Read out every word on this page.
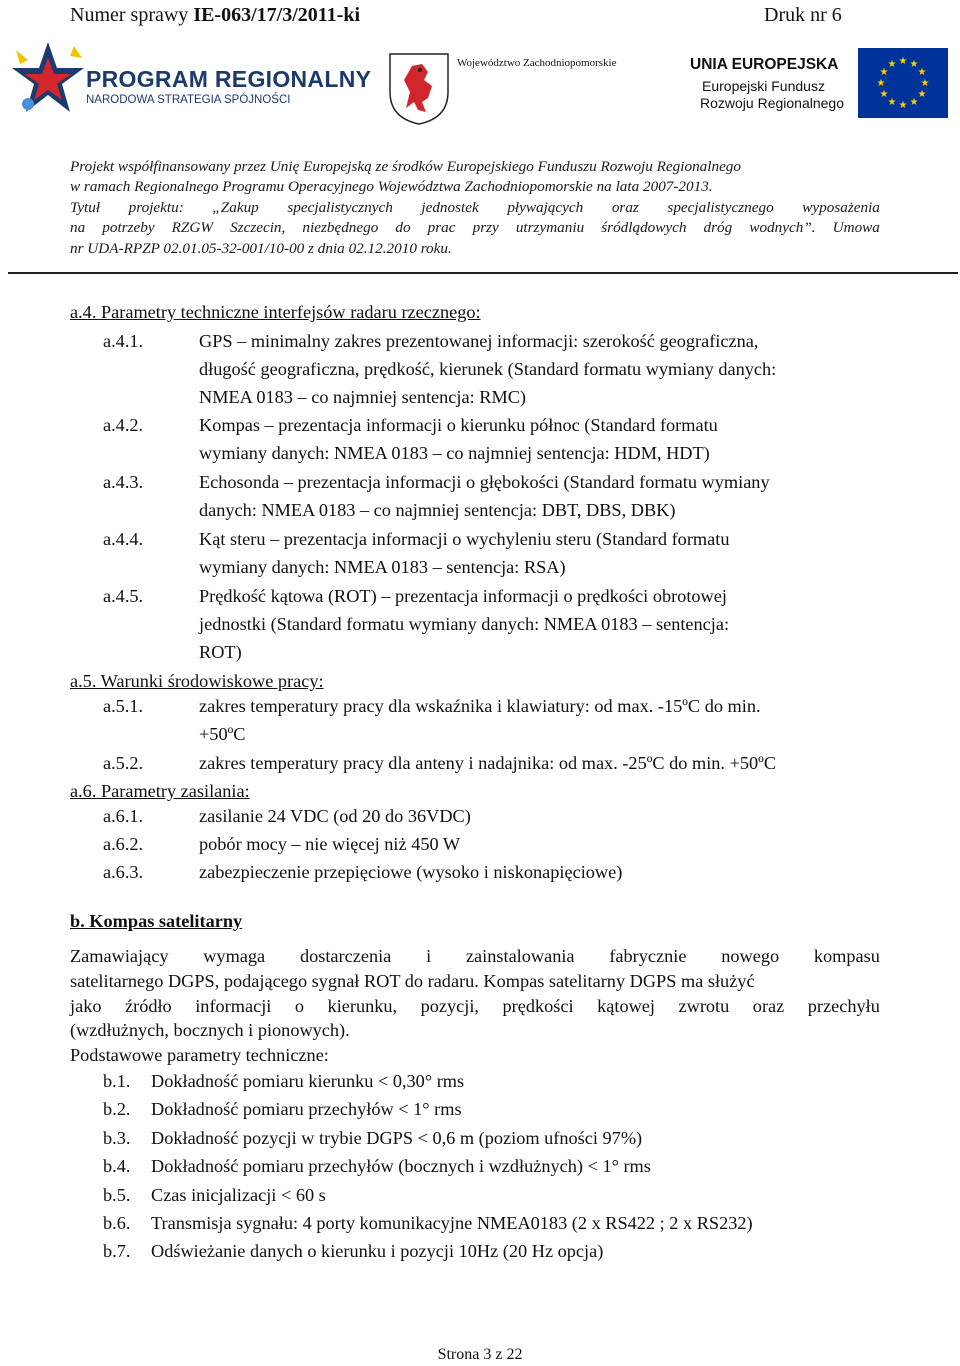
Numer sprawy IE-063/17/3/2011-ki	Druk nr 6
PROGRAM REGIONALNY
NARODOWA STRATEGIA SPÓJNOŚCI
Województwo Zachodniopomorskie	UNIA EUROPEJSKA
Europejski Fundusz
Rozwoju Regionalnego
★ ★
★
★
★
★
★
★
★
★
★
★
Projekt współfinansowany przez Unię Europejską ze środków Europejskiego Funduszu Rozwoju Regionalnego
w ramach Regionalnego Programu Operacyjnego Województwa Zachodniopomorskie na lata 2007-2013.
Tytuł projektu: „Zakup specjalistycznych jednostek pływających oraz specjalistycznego wyposażenia
na potrzeby RZGW Szczecin, niezbędnego do prac przy utrzymaniu śródlądowych dróg wodnych”. Umowa
nr UDA-RPZP 02.01.05-32-001/10-00 z dnia 02.12.2010 roku.
a.4. Parametry techniczne interfejsów radaru rzecznego:
a.4.1.	GPS – minimalny zakres prezentowanej informacji: szerokość geograficzna,
długość geograficzna, prędkość, kierunek (Standard formatu wymiany danych:
NMEA 0183 – co najmniej sentencja: RMC)
a.4.2.	Kompas – prezentacja informacji o kierunku północ (Standard formatu
wymiany danych: NMEA 0183 – co najmniej sentencja: HDM, HDT)
a.4.3.	Echosonda – prezentacja informacji o głębokości (Standard formatu wymiany
danych: NMEA 0183 – co najmniej sentencja: DBT, DBS, DBK)
a.4.4.	Kąt steru – prezentacja informacji o wychyleniu steru (Standard formatu
wymiany danych: NMEA 0183 – sentencja: RSA)
a.4.5.	Prędkość kątowa (ROT) – prezentacja informacji o prędkości obrotowej
jednostki (Standard formatu wymiany danych: NMEA 0183 – sentencja:
ROT)
a.5. Warunki środowiskowe pracy:
a.5.1.	zakres temperatury pracy dla wskaźnika i klawiatury: od max. -15ºC do min.
+50ºC
a.5.2.	zakres temperatury pracy dla anteny i nadajnika: od max. -25ºC do min. +50ºC
a.6. Parametry zasilania:
a.6.1.	zasilanie 24 VDC (od 20 do 36VDC)
a.6.2.	pobór mocy – nie więcej niż 450 W
a.6.3.	zabezpieczenie przepięciowe (wysoko i niskonapięciowe)
b. Kompas satelitarny
Zamawiający wymaga dostarczenia i zainstalowania fabrycznie nowego kompasu
satelitarnego DGPS, podającego sygnał ROT do radaru. Kompas satelitarny DGPS ma służyć
jako źródło informacji o kierunku, pozycji, prędkości kątowej zwrotu oraz przechyłu
(wzdłużnych, bocznych i pionowych).
Podstawowe parametry techniczne:
b.1. Dokładność pomiaru kierunku < 0,30° rms
b.2. Dokładność pomiaru przechyłów < 1° rms
b.3. Dokładność pozycji w trybie DGPS < 0,6 m (poziom ufności 97%)
b.4. Dokładność pomiaru przechyłów (bocznych i wzdłużnych) < 1° rms
b.5. Czas inicjalizacji < 60 s
b.6. Transmisja sygnału: 4 porty komunikacyjne NMEA0183 (2 x RS422 ; 2 x RS232)
b.7. Odświeżanie danych o kierunku i pozycji 10Hz (20 Hz opcja)
Strona 3 z 22
